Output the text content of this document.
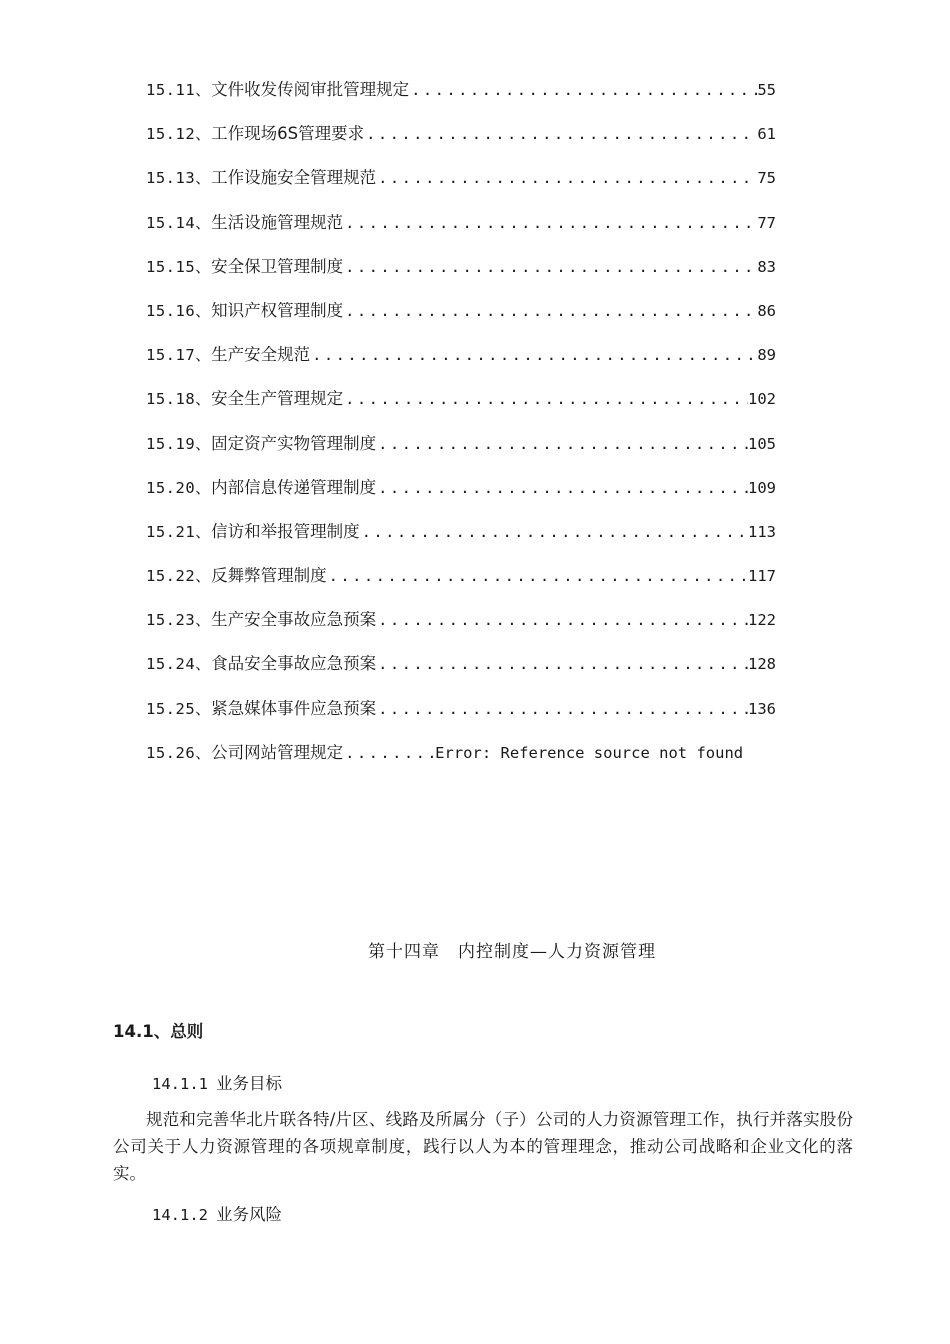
15.11、 文件收发传阅审批管理规定 .....	55
15.12、 工作现场6S管理要求 .....	61
15.13、 工作设施安全管理规范 .....	75
15.14、 生活设施管理规范 .....	77
15.15、 安全保卫管理制度 .....	83
15.16、 知识产权管理制度 .....	86
15.17、 生产安全规范 .....	89
15.18、 安全生产管理规定 .....	102
15.19、 固定资产实物管理制度 .....	105
15.20、 内部信息传递管理制度 .....	109
15.21、 信访和举报管理制度 .....	113
15.22、 反舞弊管理制度 .....	117
15.23、 生产安全事故应急预案 .....	122
15.24、 食品安全事故应急预案 .....	128
15.25、 紧急媒体事件应急预案 .....	136
15.26、 公司网站管理规定 .....	Error: Reference source not found
第十四章　内控制度—人力资源管理
14.1、总则
14.1.1 业务目标
规范和完善华北片联各特/片区、线路及所属分（子）公司的人力资源管理工作，执行并落实股份公司关于人力资源管理的各项规章制度，践行以人为本的管理理念，推动公司战略和企业文化的落实。
14.1.2 业务风险
